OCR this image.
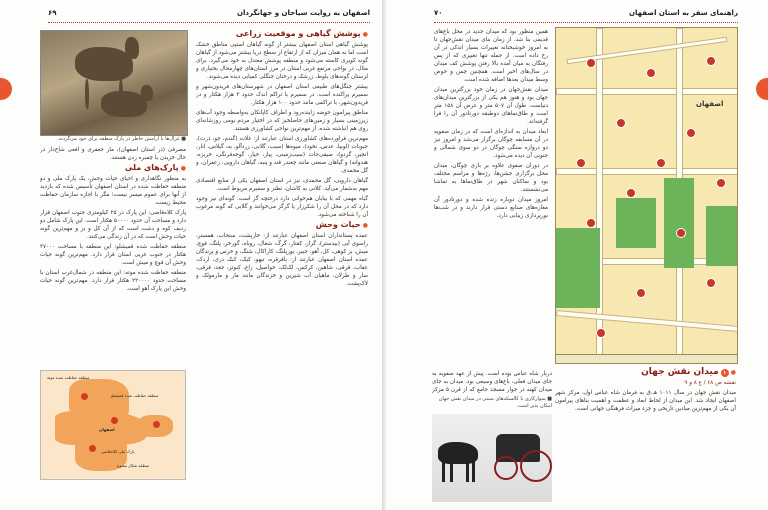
۶۹	اصفهان به روایت سیاحان و جهانگردان
● پوشش گیاهی و موقعیت زراعی

پوشش گیاهی استان اصفهان بیشتر از گونه گیاهان استپی مناطق خشک است اما به همان میزان که از ارتفاع از سطح دریا بیشتر می‌شود از گیاهان گونه کویری کاسته می‌شود و منطقه پوشش معتدل به خود می‌گیرد. برای مثال، در نواحی مرتفع غربی استان در مرز استان‌های چهارمحال بختیاری و لرستان گونه‌های بلوط، زرشک و درختان جنگلی کمیابی دیده می‌شوند.

بیشتر جنگل‌های طبیعی استان اصفهان در شهرستان‌های فریدون‌شهر و سمیرم پراکنده است. در سمیرم با تراکم اندک حدود ۳ هزار هکتار و در فریدون‌شهر، با تراکمی مانند حدود ۱۰۰ هزار هکتار.

مناطق پیرامون حوضه زاینده‌رود و اطراف کاپانکان به‌واسطه وجود آب‌های زیرزمینی بسیار و زمین‌های حاصلخیز که در اختیار مردم بومی روزشانه‌ای روی هم انباشته شده، از مهم‌ترین نواحی کشاورزی هستند.

مهم‌ترین فراورده‌های کشاورزی استان عبارتند از: غلات (گندم، جو، ذرت)، حبوبات (لوبیا، عدس، نخود)، میوه‌ها (سیب، گلابی، زردآلو، به، گیلاس، انار، انجیر، گردو)، صیفی‌جات (سیب‌زمینی، پیاز، خیار، گوجه‌فرنگی، خربزه، هندوانه) و گیاهان صنعتی مانند چغندر قند و پنبه، گیاهان دارویی، زعفران، و گل محمدی.

گیاهان دارویی، گل محمدی، نیز در استان اصفهان یکی از منابع اقتصادی مهم به‌شمار می‌آید. کلانی به کاشان، نطنز و سمیرم مربوط است.

گیاه مهمی که با بیابان هم‌خوانی دارد درختچه گز است. گونه‌ای نیز وجود دارد که در محل آن را شکرزار یا گزگز می‌خوانند و گلابی که گونه مرغوب آن را شناخته می‌شود.

● حیات وحش

عمده پستانداران استان اصفهان عبارتند از: خارپشت، سنجاب، همستر، راسوی آبی (بیدستر)، گراز، کفتار، گرگ، شغال، روباه، گورخر، پلنگ، قوچ، میش، بز کوهی، کل، آهو، جبیر، یوزپلنگ، کاراکال، شنگ، و خرس و پرندگان عمده استان اصفهان عبارتند از: باقرقره، تیهو، کبک، کبک دری، اردک، عقاب، قرقی، شاهین، کرکس، لک‌لک، حواصیل، زاغ، کبوتر، جغد، قرقی، سار و طرلان، ماهیان آب شیرین و خزندگان مانند مار و مارمولک و لاک‌پشت.

■ غزال‌ها با آرامش خاطر در پارک منطقه برای خود می‌گردند.

مصرفی (در استان اصفهان)، مار جعفری و افعی شاخ‌دار در حال خزیدن یا چمبره زدن هستند.

● پارک‌های ملی

به منظور نگاهداری و احیای حیات وحش، یک پارک ملی و دو منطقه حفاظت شده در استان اصفهان تأسیس شده که بازدید از آنها برای عموم میسر نیست؛ مگر با اجازه سازمان حفاظت محیط زیست.

پارک کلاه‌قاضی: این پارک در ۲۵ کیلومتری جنوب اصفهان قرار دارد و مساحت آن حدود ۵۰۰۰۰ هکتار است. این پارک شامل دو ردیف کوه و دشت است که از آن کل و بز و مهم‌ترین گونه حیات وحش است که در آن زندگی می‌کنند.

منطقه حفاظت شده قمیشلو: این منطقه با مساحت ۳۷۰۰۰ هکتار در جنوب غربی استان قرار دارد. مهم‌ترین گونه حیات وحش آن قوچ و میش است.

منطقه حفاظت شده موته: این منطقه در شمال‌غرب استان با مساحت حدود ۲۲۰۰۰۰ هکتار قرار دارد. مهم‌ترین گونه حیات وحش این پارک آهو است.

منطقه حفاظت شده موته
منطقه حفاظت شده قمیشلو
پارک ملی کلاه‌قاضی
منطقه شکار ممنوع
اصفهان
۷۰	راهنمای سفر به استان اصفهان

همین منظور بود که میدان جدید در محل باغ‌های قدیمی بنا شد. از زمان بنای میدان نقش‌جهان تا به امروز خوشبختانه تغییرات بسیار اندکی در آن رخ داده است. از جمله تنها تغییری که از پس رفتگان به میان آمده بالا رفتن پوشش کف میدان در سال‌های اخیر است. همچنین چمن و حوض وسط میدان بعدها اضافه شده است.

میدان نقش‌جهان در زمان خود بزرگترین میدان جهان بود و هنوز هم یکی از بزرگترین میدان‌های دنیاست. طول آن ۵۰۷ متر و عرض آن ۱۵۸ متر است و طاق‌نماهای دوطبقه دورتادور آن را فرا گرفته‌اند.

ابعاد میدان به اندازه‌ای است که در زمان صفویه در آن مسابقه چوگان برگزار می‌شد و امروز نیز دو دروازه سنگی چوگان در دو سوی شمالی و جنوبی آن دیده می‌شود.

در دوران صفوی علاوه بر بازی چوگان، میدان محل برگزاری جشن‌ها، رژه‌ها و مراسم مختلف بود و ساکنان شهر در طاق‌نماها به تماشا می‌نشستند.

امروز میدان دوباره زنده شده و دورتادور آن مغازه‌های صنایع دستی قرار دارند و در شب‌ها نورپردازی زیبایی دارد.

اصفهان
● ۱میدان نقش جهان

نقشه ص ۶۸ / ع ۸ و ۹

میدان نقش جهان در سال ۱۰۱۱ هـ.ق به فرمان شاه عباس اول، مرکز شهر اصفهان ایجاد شد. این میدان از لحاظ ابعاد و عظمت و اهمیت بناهای پیرامون آن یکی از مهم‌ترین میادین تاریخی و جزء میراث فرهنگی جهانی است.

■ سوارکاری با کالسکه‌های سنتی در میدان نقش جهان امکان پذیر است.

دربار شاه عباس بوده است. پیش از عهد صفویه به جای میدان فعلی، باغ‌های وسیعی بود. میدان به جای میدان کهنه در جوار مسجد جامع که از قرن ۵ مرکز
